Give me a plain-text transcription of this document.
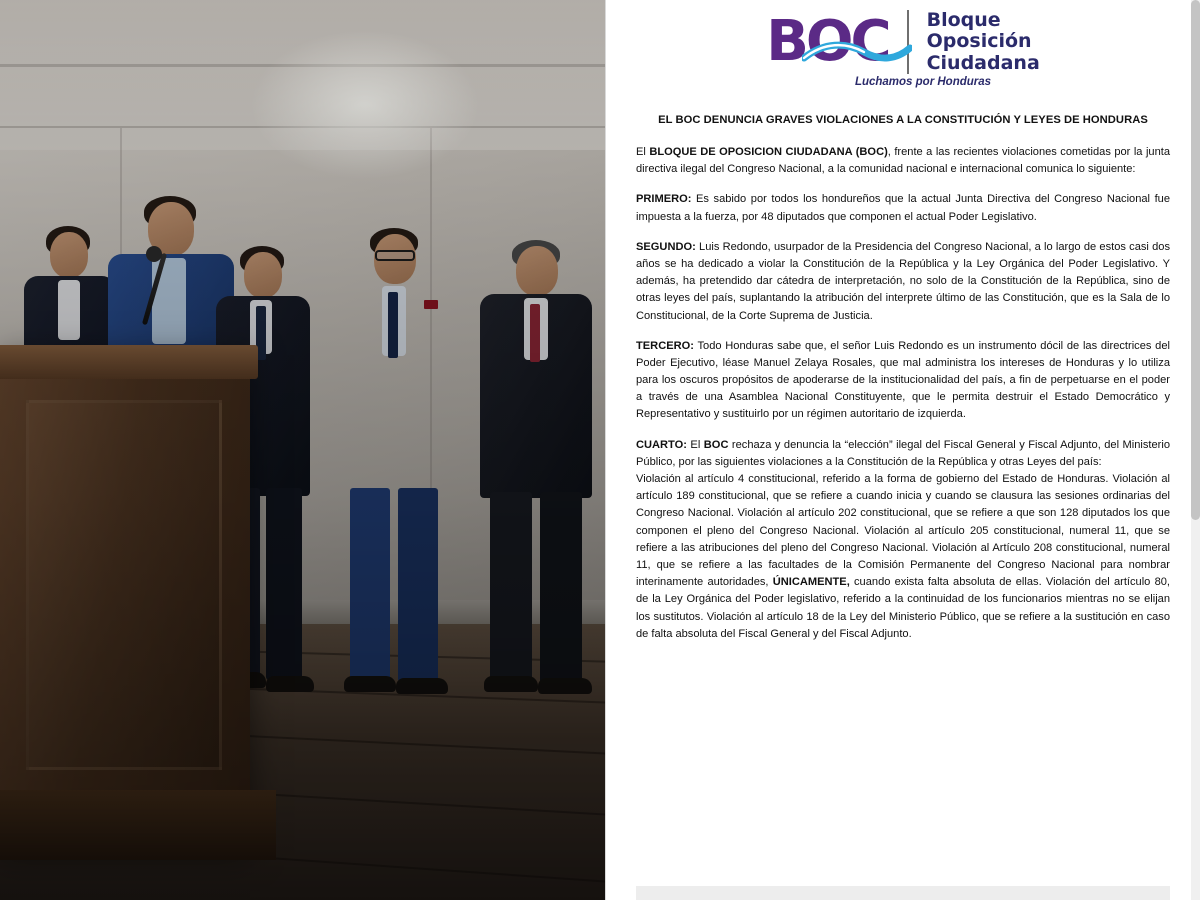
BOC Bloque
Oposición
Ciudadana
Luchamos por Honduras
EL BOC DENUNCIA GRAVES VIOLACIONES A LA CONSTITUCIÓN Y LEYES DE HONDURAS

El BLOQUE DE OPOSICION CIUDADANA (BOC), frente a las recientes violaciones cometidas por la junta directiva ilegal del Congreso Nacional, a la comunidad nacional e internacional comunica lo siguiente:

PRIMERO: Es sabido por todos los hondureños que la actual Junta Directiva del Congreso Nacional fue impuesta a la fuerza, por 48 diputados que componen el actual Poder Legislativo.

SEGUNDO: Luis Redondo, usurpador de la Presidencia del Congreso Nacional, a lo largo de estos casi dos años se ha dedicado a violar la Constitución de la República y la Ley Orgánica del Poder Legislativo. Y además, ha pretendido dar cátedra de interpretación, no solo de la Constitución de la República, sino de otras leyes del país, suplantando la atribución del interprete último de las Constitución, que es la Sala de lo Constitucional, de la Corte Suprema de Justicia.

TERCERO: Todo Honduras sabe que, el señor Luis Redondo es un instrumento dócil de las directrices del Poder Ejecutivo, léase Manuel Zelaya Rosales, que mal administra los intereses de Honduras y lo utiliza para los oscuros propósitos de apoderarse de la institucionalidad del país, a fin de perpetuarse en el poder a través de una Asamblea Nacional Constituyente, que le permita destruir el Estado Democrático y Representativo y sustituirlo por un régimen autoritario de izquierda.

CUARTO: El BOC rechaza y denuncia la “elección” ilegal del Fiscal General y Fiscal Adjunto, del Ministerio Público, por las siguientes violaciones a la Constitución de la República y otras Leyes del país:
Violación al artículo 4 constitucional, referido a la forma de gobierno del Estado de Honduras. Violación al artículo 189 constitucional, que se refiere a cuando inicia y cuando se clausura las sesiones ordinarias del Congreso Nacional. Violación al artículo 202 constitucional, que se refiere a que son 128 diputados los que componen el pleno del Congreso Nacional. Violación al artículo 205 constitucional, numeral 11, que se refiere a las atribuciones del pleno del Congreso Nacional. Violación al Artículo 208 constitucional, numeral 11, que se refiere a las facultades de la Comisión Permanente del Congreso Nacional para nombrar interinamente autoridades, ÚNICAMENTE, cuando exista falta absoluta de ellas. Violación del artículo 80, de la Ley Orgánica del Poder legislativo, referido a la continuidad de los funcionarios mientras no se elijan los sustitutos. Violación al artículo 18 de la Ley del Ministerio Público, que se refiere a la sustitución en caso de falta absoluta del Fiscal General y del Fiscal Adjunto.
